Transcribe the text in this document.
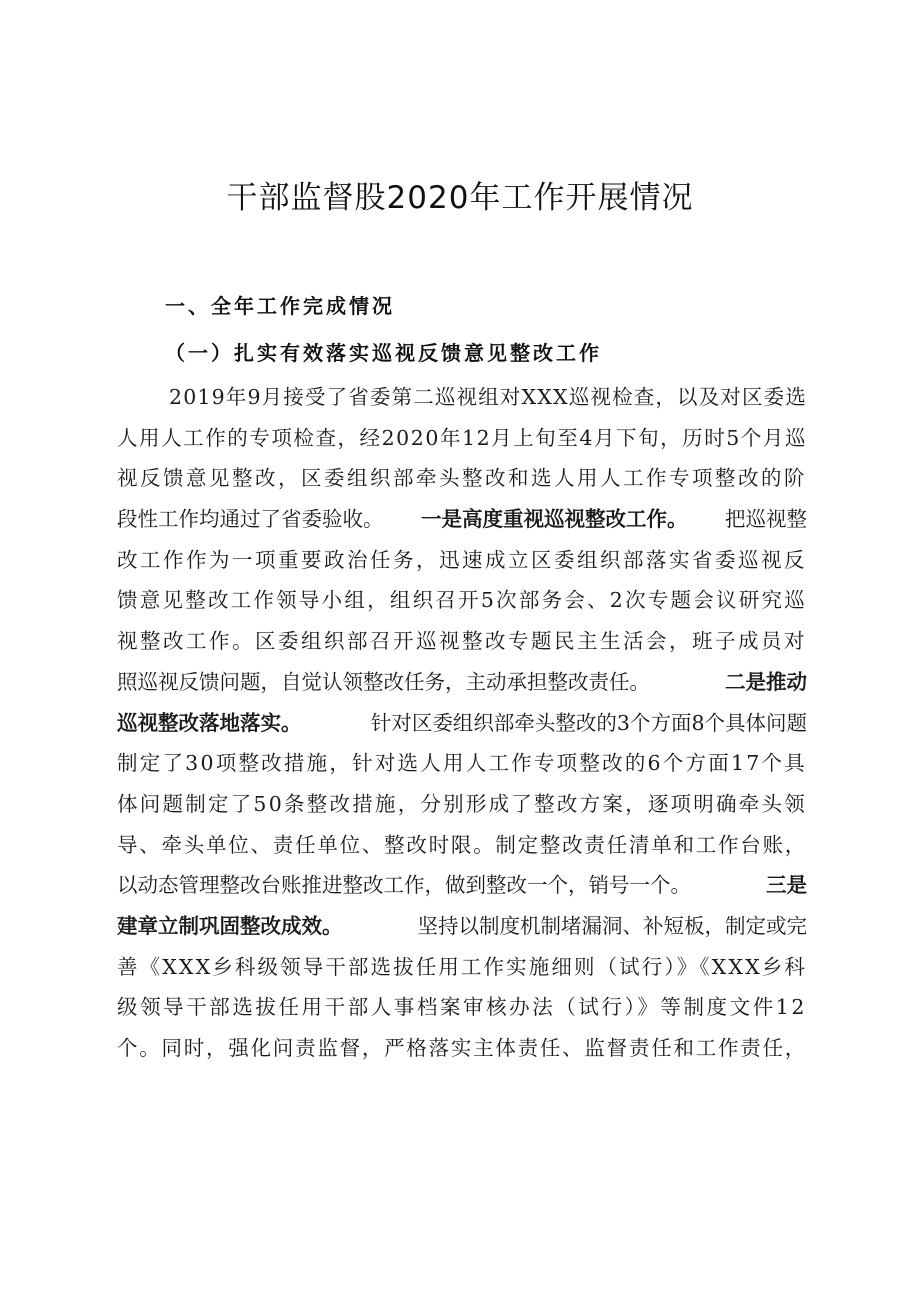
干部监督股2020年工作开展情况
一、全年工作完成情况
（一）扎实有效落实巡视反馈意见整改工作
2019年9月接受了省委第二巡视组对XXX巡视检查，以及对区委选
人用人工作的专项检查，经2020年12月上旬至4月下旬，历时5个月巡
视反馈意见整改，区委组织部牵头整改和选人用人工作专项整改的阶
段性工作均通过了省委验收。 一是高度重视巡视整改工作。 把巡视整
改工作作为一项重要政治任务，迅速成立区委组织部落实省委巡视反
馈意见整改工作领导小组，组织召开5次部务会、2次专题会议研究巡
视整改工作。区委组织部召开巡视整改专题民主生活会，班子成员对
照巡视反馈问题，自觉认领整改任务，主动承担整改责任。	二是推动
巡视整改落地落实。	针对区委组织部牵头整改的3个方面8个具体问题
制定了30项整改措施，针对选人用人工作专项整改的6个方面17个具
体问题制定了50条整改措施，分别形成了整改方案，逐项明确牵头领
导、牵头单位、责任单位、整改时限。制定整改责任清单和工作台账，
以动态管理整改台账推进整改工作，做到整改一个，销号一个。	三是
建章立制巩固整改成效。	坚持以制度机制堵漏洞、补短板，制定或完
善《XXX乡科级领导干部选拔任用工作实施细则（试行）》《XXX乡科
级领导干部选拔任用干部人事档案审核办法（试行）》等制度文件12
个。同时，强化问责监督，严格落实主体责任、监督责任和工作责任，
